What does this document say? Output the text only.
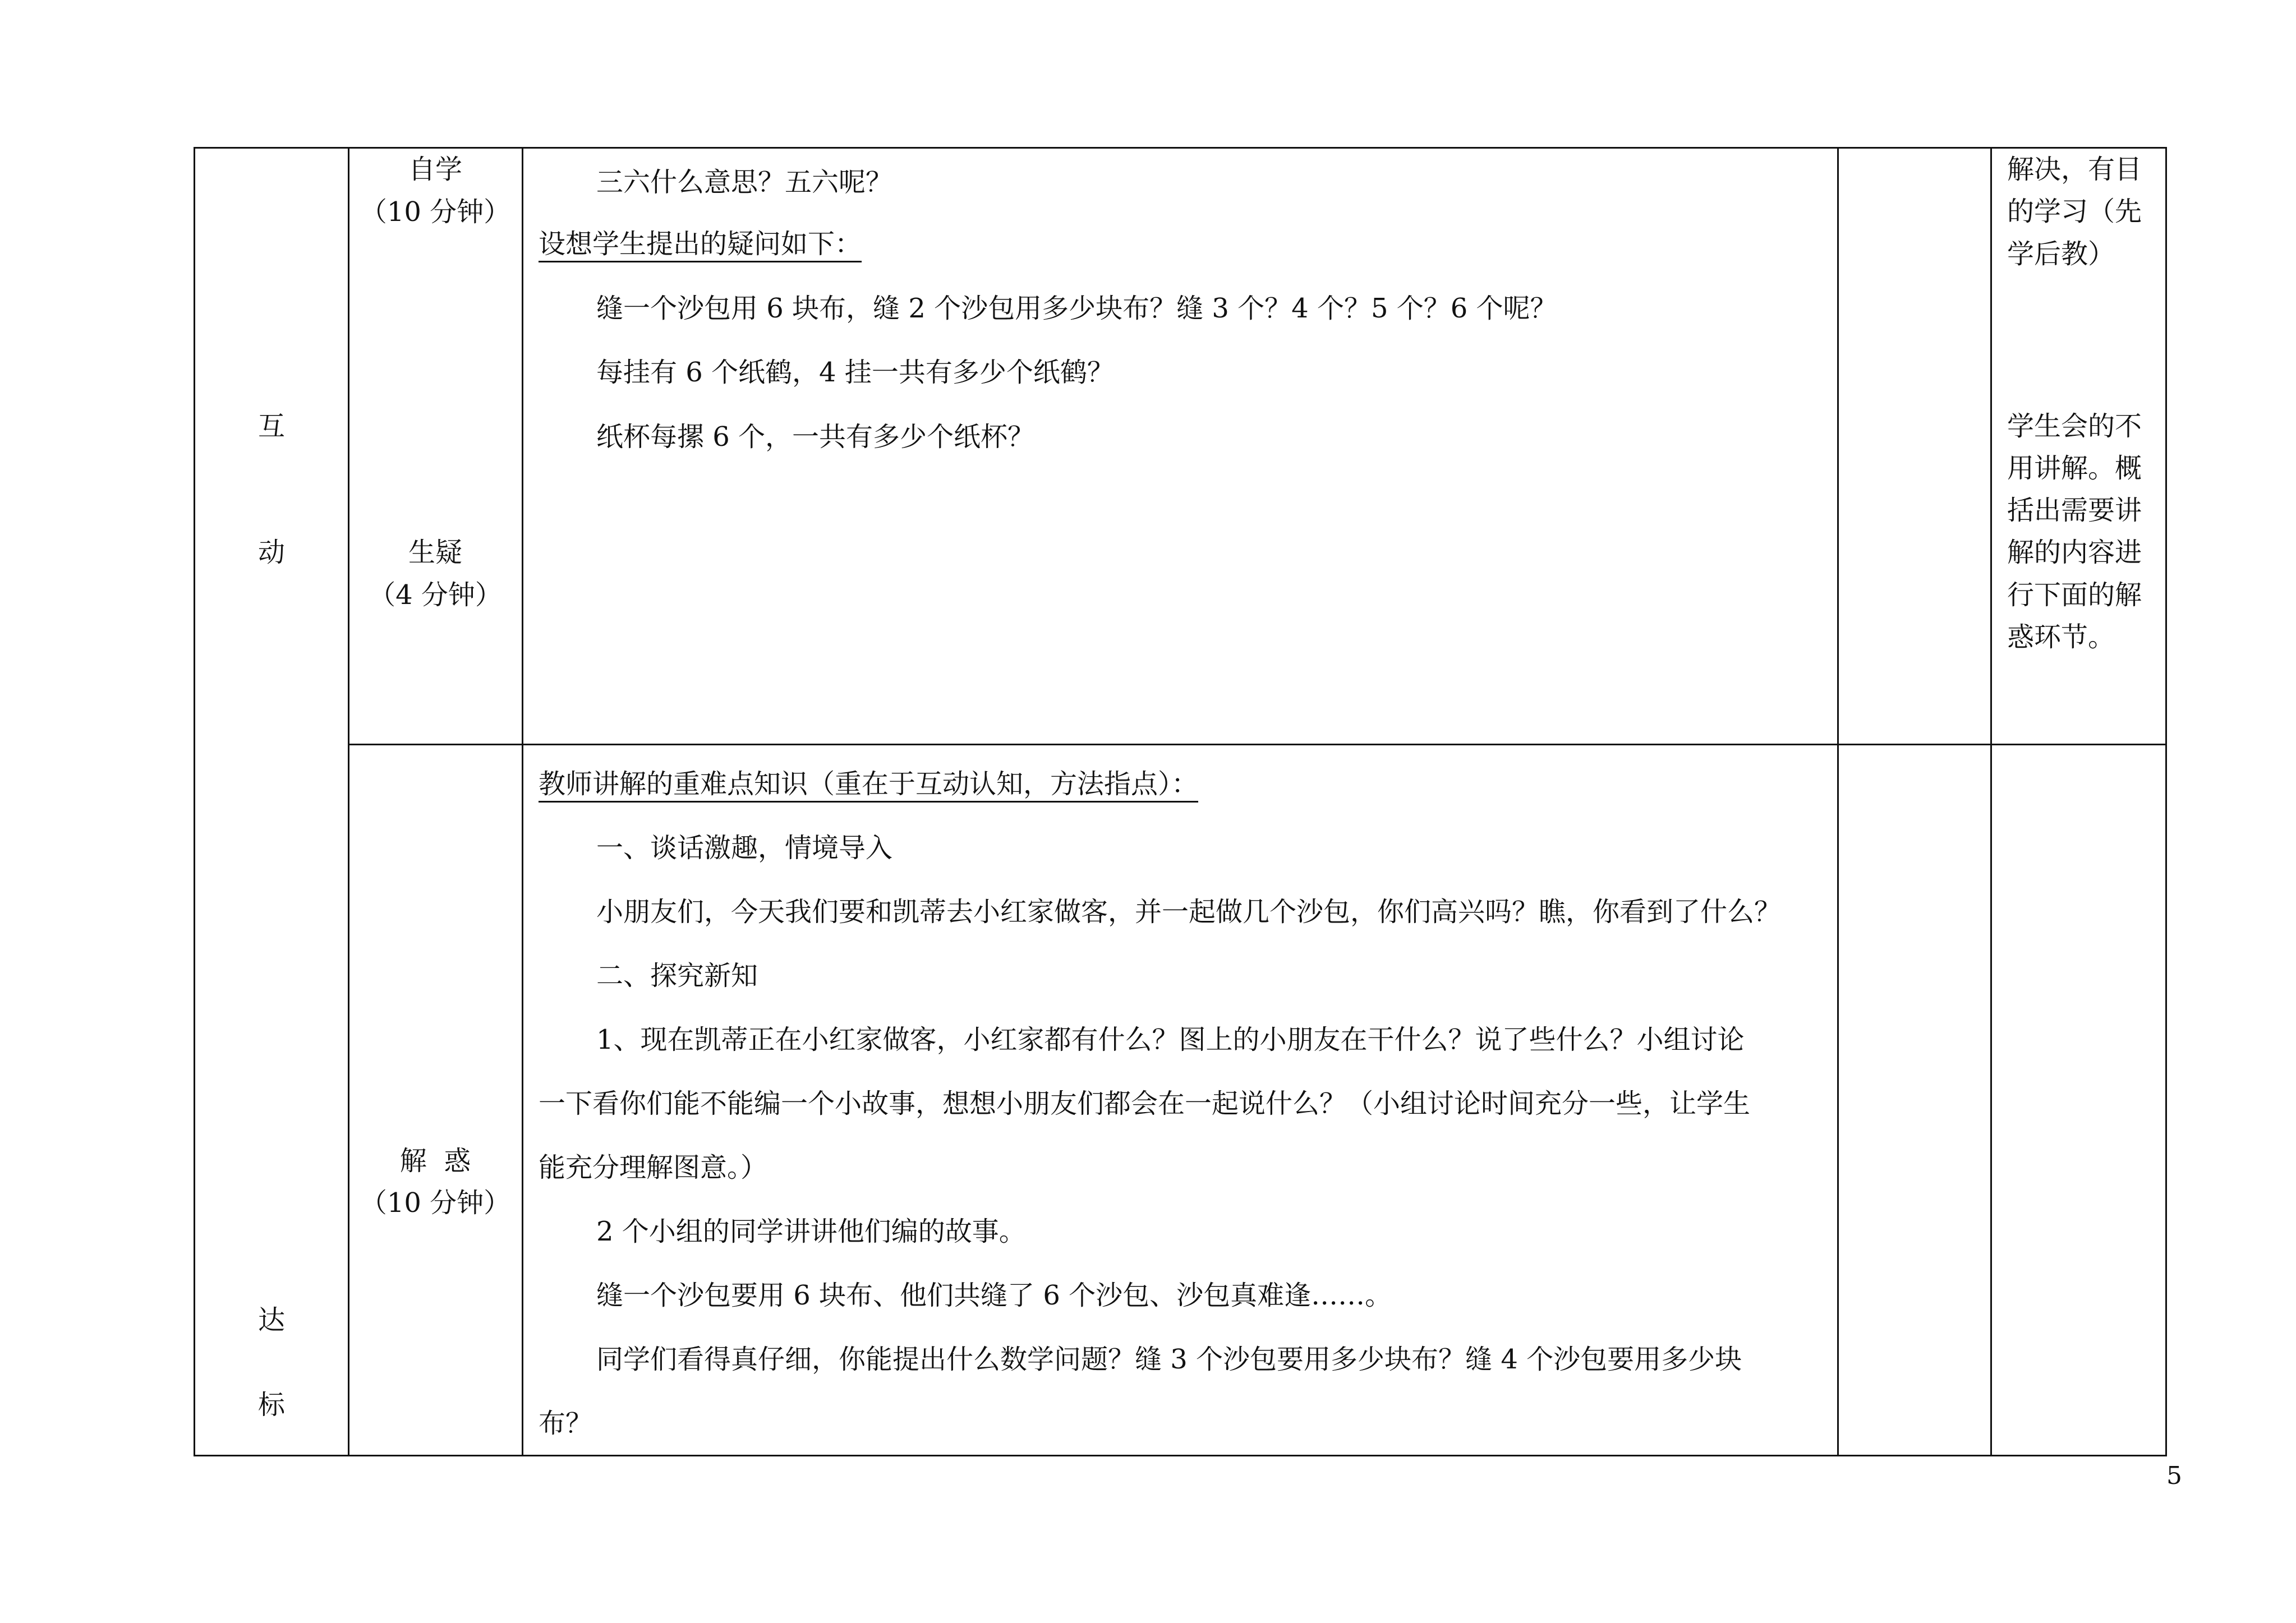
互
动
达
标
自学
（10 分钟）
生疑
（4 分钟）
解  惑
（10 分钟）
三六什么意思？五六呢？
设想学生提出的疑问如下：
缝一个沙包用 6 块布，缝 2 个沙包用多少块布？缝 3 个？4 个？5 个？6 个呢？
每挂有 6 个纸鹤，4 挂一共有多少个纸鹤？
纸杯每摞 6 个，一共有多少个纸杯？
解决，有目
的学习（先
学后教）
学生会的不
用讲解。概
括出需要讲
解的内容进
行下面的解
惑环节。
教师讲解的重难点知识（重在于互动认知，方法指点）：
一、谈话激趣，情境导入
小朋友们，今天我们要和凯蒂去小红家做客，并一起做几个沙包，你们高兴吗？瞧，你看到了什么？
二、探究新知
1、现在凯蒂正在小红家做客，小红家都有什么？图上的小朋友在干什么？说了些什么？小组讨论
一下看你们能不能编一个小故事，想想小朋友们都会在一起说什么？（小组讨论时间充分一些，让学生
能充分理解图意。）
2 个小组的同学讲讲他们编的故事。
缝一个沙包要用 6 块布、他们共缝了 6 个沙包、沙包真难逢……。
同学们看得真仔细，你能提出什么数学问题？缝 3 个沙包要用多少块布？缝 4 个沙包要用多少块
布？
5
